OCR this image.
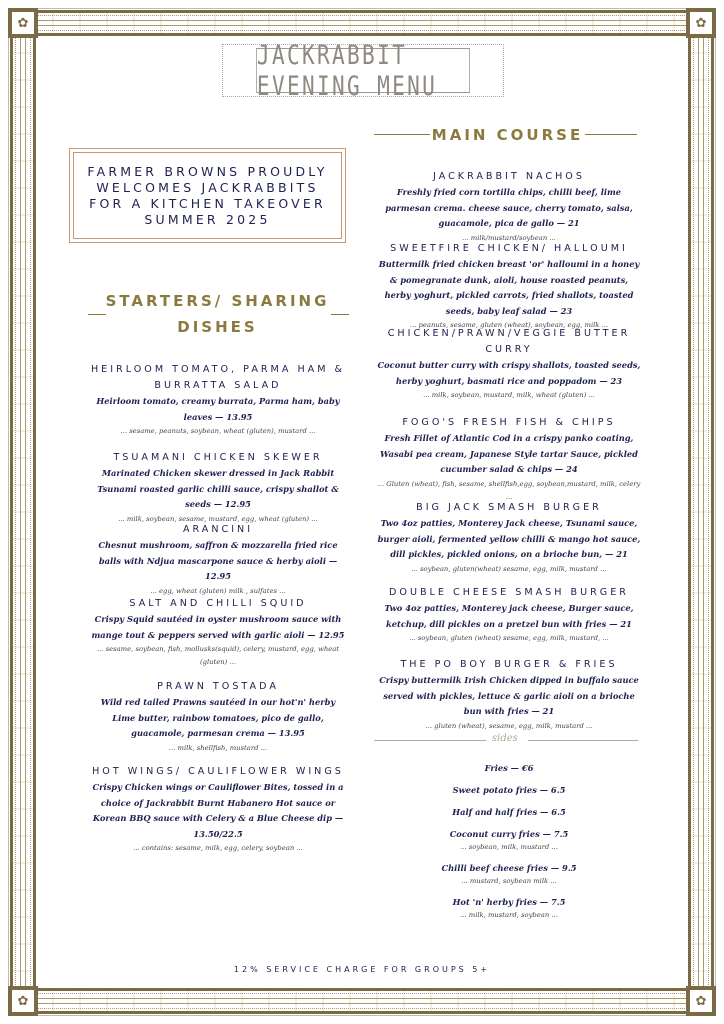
✿	✿
✿	✿
JACKRABBIT EVENING MENU
FARMER BROWNS PROUDLY
WELCOMES JACKRABBITS
FOR A KITCHEN TAKEOVER
SUMMER 2025
STARTERS/ SHARING
DISHES
MAIN COURSE
HEIRLOOM TOMATO, PARMA HAM & BURRATTA SALAD
Heirloom tomato, creamy burrata, Parma ham, baby leaves — 13.95
... sesame, peanuts, soybean, wheat (gluten), mustard ...
TSUAMANI CHICKEN SKEWER
Marinated Chicken skewer dressed in Jack Rabbit Tsunami roasted garlic chilli sauce, crispy shallot & seeds — 12.95
... milk, soybean, sesame, mustard, egg, wheat (gluten) ...
ARANCINI
Chesnut mushroom, saffron & mozzarella fried rice balls with Ndjua mascarpone sauce & herby aioli — 12.95
... egg, wheat (gluten) milk , sulfates ...
SALT AND CHILLI SQUID
Crispy Squid sautéed in oyster mushroom sauce with mange tout & peppers served with garlic aioli — 12.95
... sesame, soybean, fish, mollusks(squid), celery, mustard, egg, wheat (gluten) ...
PRAWN TOSTADA
Wild red tailed Prawns sautéed in our hot'n' herby Lime butter, rainbow tomatoes, pico de gallo, guacamole, parmesan crema — 13.95
... milk, shellfish, mustard ...
HOT WINGS/ CAULIFLOWER WINGS
Crispy Chicken wings or Cauliflower Bites, tossed in a choice of Jackrabbit Burnt Habanero Hot sauce or Korean BBQ sauce with Celery & a Blue Cheese dip — 13.50/22.5
... contains: sesame, milk, egg, celery, soybean ...
JACKRABBIT NACHOS
Freshly fried corn tortilla chips, chilli beef, lime parmesan crema. cheese sauce, cherry tomato, salsa, guacamole, pica de gallo — 21
... milk/mustard/soybean ...
SWEETFIRE CHICKEN/ HALLOUMI
Buttermilk fried chicken breast 'or' halloumi in a honey & pomegranate dunk, aioli, house roasted peanuts, herby yoghurt, pickled carrots, fried shallots, toasted seeds, baby leaf salad — 23
... peanuts, sesame, gluten (wheat), soybean, egg, milk ...
CHICKEN/PRAWN/VEGGIE BUTTER CURRY
Coconut butter curry with crispy shallots, toasted seeds, herby yoghurt, basmati rice and poppadom — 23
... milk, soybean, mustard, milk, wheat (gluten) ...
FOGO'S FRESH FISH & CHIPS
Fresh Fillet of Atlantic Cod in a crispy panko coating, Wasabi pea cream, Japanese Style tartar Sauce, pickled cucumber salad & chips — 24
... Gluten (wheat), fish, sesame, shellfish,egg, soybean,mustard, milk, celery ...
BIG JACK SMASH BURGER
Two 4oz patties, Monterey Jack cheese, Tsunami sauce, burger aioli, fermented yellow chilli & mango hot sauce, dill pickles, pickled onions, on a brioche bun, — 21
... soybean, gluten(wheat) sesame, egg, milk, mustard ...
DOUBLE CHEESE SMASH BURGER
Two 4oz patties, Monterey jack cheese, Burger sauce, ketchup, dill pickles on a pretzel bun with fries — 21
... soybean, gluten (wheat) sesame, egg, milk, mustard, ...
THE PO BOY BURGER & FRIES
Crispy buttermilk Irish Chicken dipped in buffalo sauce served with pickles, lettuce & garlic aioli on a brioche bun with fries — 21
... gluten (wheat), sesame, egg, milk, mustard ...
sides
Fries — €6
Sweet potato fries — 6.5
Half and half fries — 6.5
Coconut curry fries — 7.5
... soybean, milk, mustard ...
Chilli beef cheese fries — 9.5
... mustard, soybean milk ...
Hot 'n' herby fries — 7.5
... milk, mustard, soybean ...
12% SERVICE CHARGE FOR GROUPS 5+
